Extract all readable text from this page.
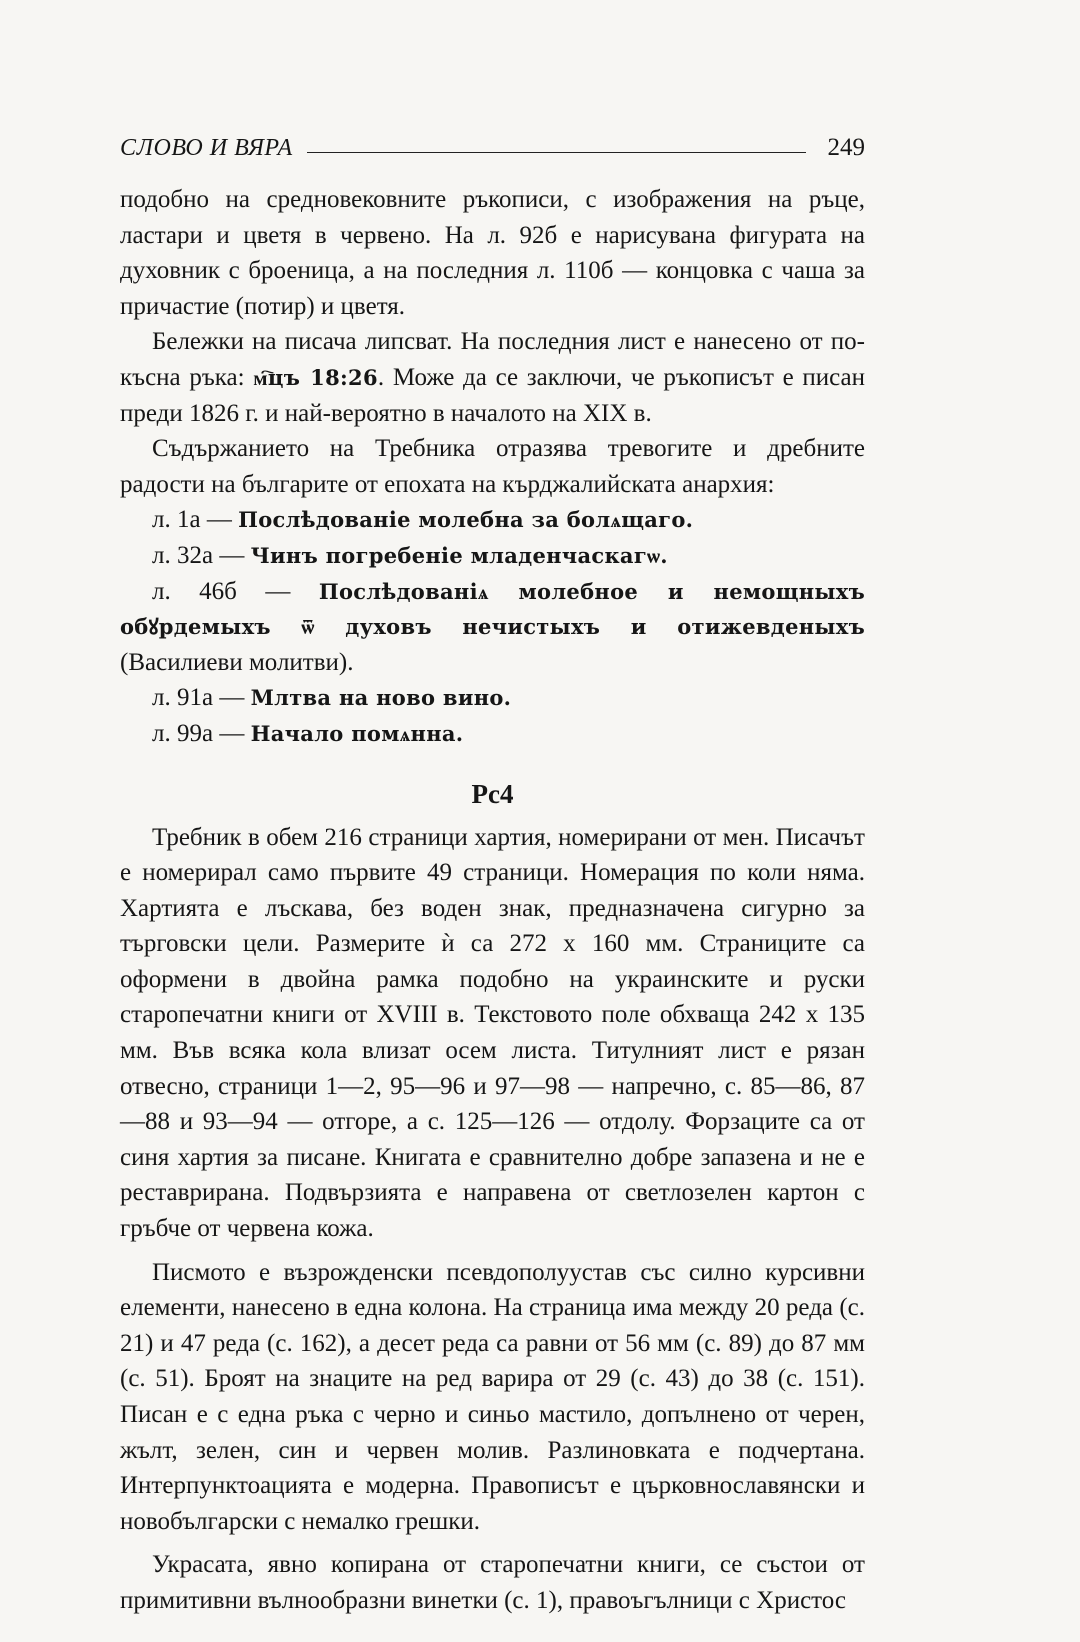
СЛОВО И ВЯРА	249

подобно на средновековните ръкописи, с изображения на ръце, ластари и цветя в червено. На л. 92б е нарисувана фигурата на духовник с броеница, а на последния л. 110б — концовка с чаша за причастие (потир) и цветя.

Бележки на писача липсват. На последния лист е нанесено от по-късна ръка: м҇цъ 18:26. Може да се заключи, че ръкописът е писан преди 1826 г. и най-вероятно в началото на XIX в.

Съдържанието на Требника отразява тревогите и дребните радости на българите от епохата на кърджалийската анархия:

л. 1а — Послѣдованіе молебна за болѧщаго.
л. 32а — Чинъ погребеніе младенчаскагѡ.
л. 46б — Послѣдованіѧ молебное и немощныхъ обꙋрдемыхъ ѿ духовъ нечистыхъ и отижевденыхъ (Василиеви молитви).
л. 91а — Млтва на ново вино.
л. 99а — Начало помѧнна.
Рс4

Требник в обем 216 страници хартия, номерирани от мен. Писачът е номерирал само първите 49 страници. Номерация по коли няма. Хартията е лъскава, без воден знак, предназначена сигурно за търговски цели. Размерите ѝ са 272 х 160 мм. Страниците са оформени в двойна рамка подобно на украинските и руски старопечатни книги от XVIII в. Текстовото поле обхваща 242 х 135 мм. Във всяка кола влизат осем листа. Титулният лист е рязан отвесно, страници 1—2, 95—96 и 97—98 — напречно, с. 85—86, 87—88 и 93—94 — отгоре, а с. 125—126 — отдолу. Форзаците са от синя хартия за писане. Книгата е сравнително добре запазена и не е реставрирана. Подвързията е направена от светлозелен картон с гръбче от червена кожа.

Писмото е възрожденски псевдополуустав със силно курсивни елементи, нанесено в една колона. На страница има между 20 реда (с. 21) и 47 реда (с. 162), а десет реда са равни от 56 мм (с. 89) до 87 мм (с. 51). Броят на знаците на ред варира от 29 (с. 43) до 38 (с. 151). Писан е с една ръка с черно и синьо мастило, допълнено от черен, жълт, зелен, син и червен молив. Разлиновката е подчертана. Интерпунктоацията е модерна. Правописът е църковнославянски и новобългарски с немалко грешки.

Украсата, явно копирана от старопечатни книги, се състои от примитивни вълнообразни винетки (с. 1), правоъгълници с Христос
